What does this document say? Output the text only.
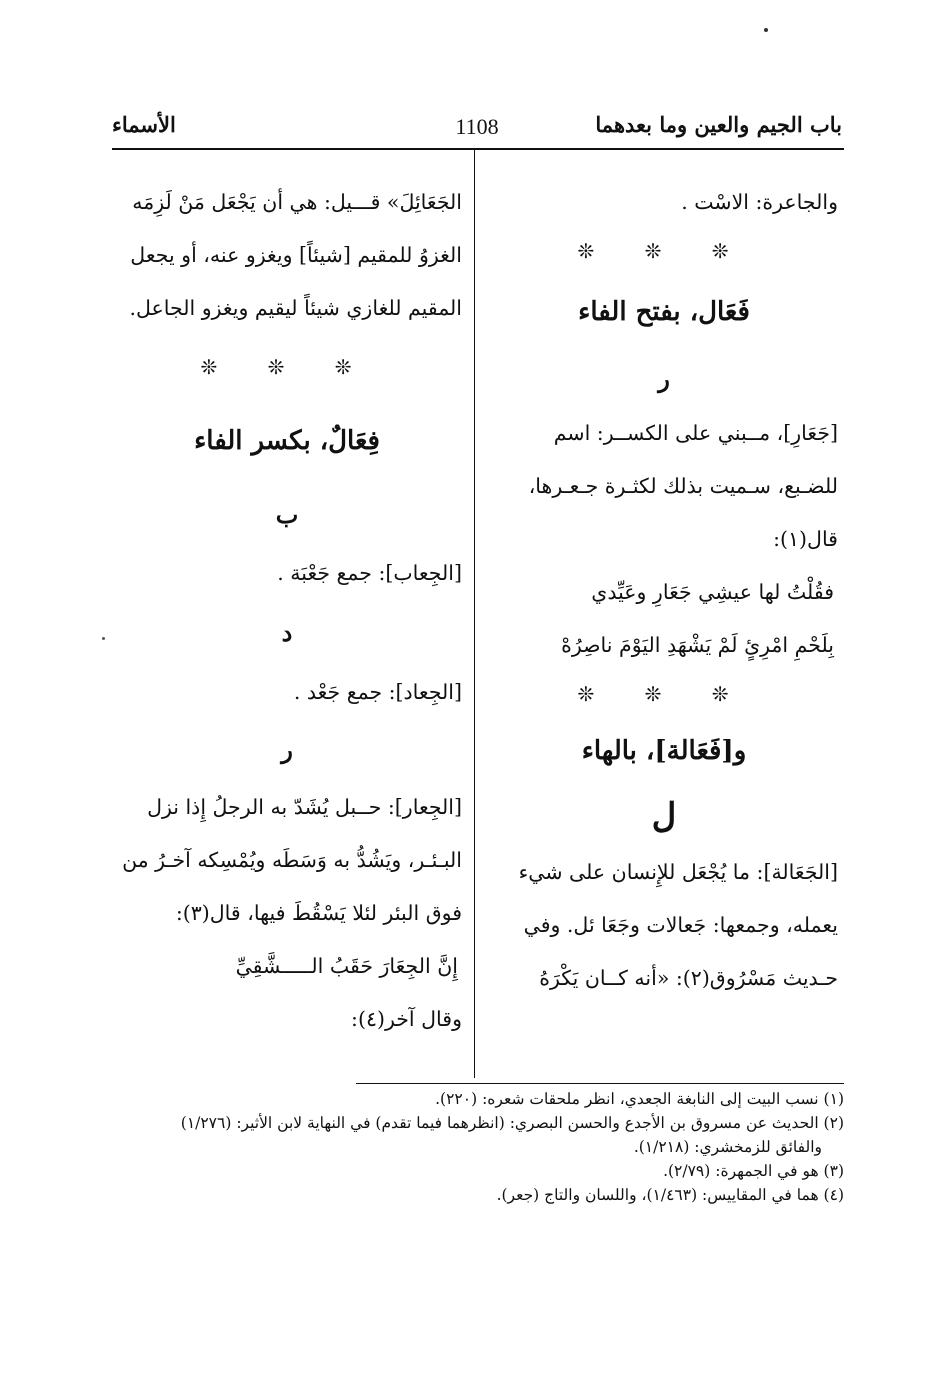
باب الجيم والعين وما بعدهما
1108
الأسماء
والجاعرة: الاسْت .
❊ ❊ ❊
فَعَال، بفتح الفاء
ر
[جَعَارِ]، مــبني على الكســر: اسم
للضـبع، سـميت بذلك لكثـرة جـعـرها،
قال(١):
فقُلْتُ لها عيشِي جَعَارِ وعَيِّدي
بِلَحْمِ امْرِئٍ لَمْ يَشْهَدِ اليَوْمَ ناصِرُهْ
❊ ❊ ❊
و[فَعَالة]، بالهاء
ل
[الجَعَالة]: ما يُجْعَل للإِنسان على شيء
يعمله، وجمعها: جَعالات وجَعَا ئل. وفي
حـديث مَسْرُوق(٢): «أنه كــان يَكْرَهُ
الجَعَائِلَ» قـــيل: هي أن يَجْعَل مَنْ لَزِمَه
الغزوُ للمقيم [شيئاً] ويغزو عنه، أو يجعل
المقيم للغازي شيئاً ليقيم ويغزو الجاعل.
❊ ❊ ❊
فِعَالٌ، بكسر الفاء
ب
[الجِعاب]: جمع جَعْبَة .
د
[الجِعاد]: جمع جَعْد .
ر
[الجِعار]: حــبل يُشَدّ به الرجلُ إِذا نزل
البـئـر، ويَشُدُّ به وَسَطَه ويُمْسِكه آخـرُ من
فوق البئر لئلا يَسْقُطَ فيها، قال(٣):
إِنَّ الجِعَارَ حَقَبُ الـــــشَّقِيِّ
وقال آخر(٤):
(١) نسب البيت إلى النابغة الجعدي، انظر ملحقات شعره: (٢٢٠).
(٢) الحديث عن مسروق بن الأجدع والحسن البصري: (انظرهما فيما تقدم) في النهاية لابن الأثير: (١/٢٧٦)
والفائق للزمخشري: (١/٢١٨).
(٣) هو في الجمهرة: (٢/٧٩).
(٤) هما في المقاييس: (١/٤٦٣)، واللسان والتاج (جعر).
